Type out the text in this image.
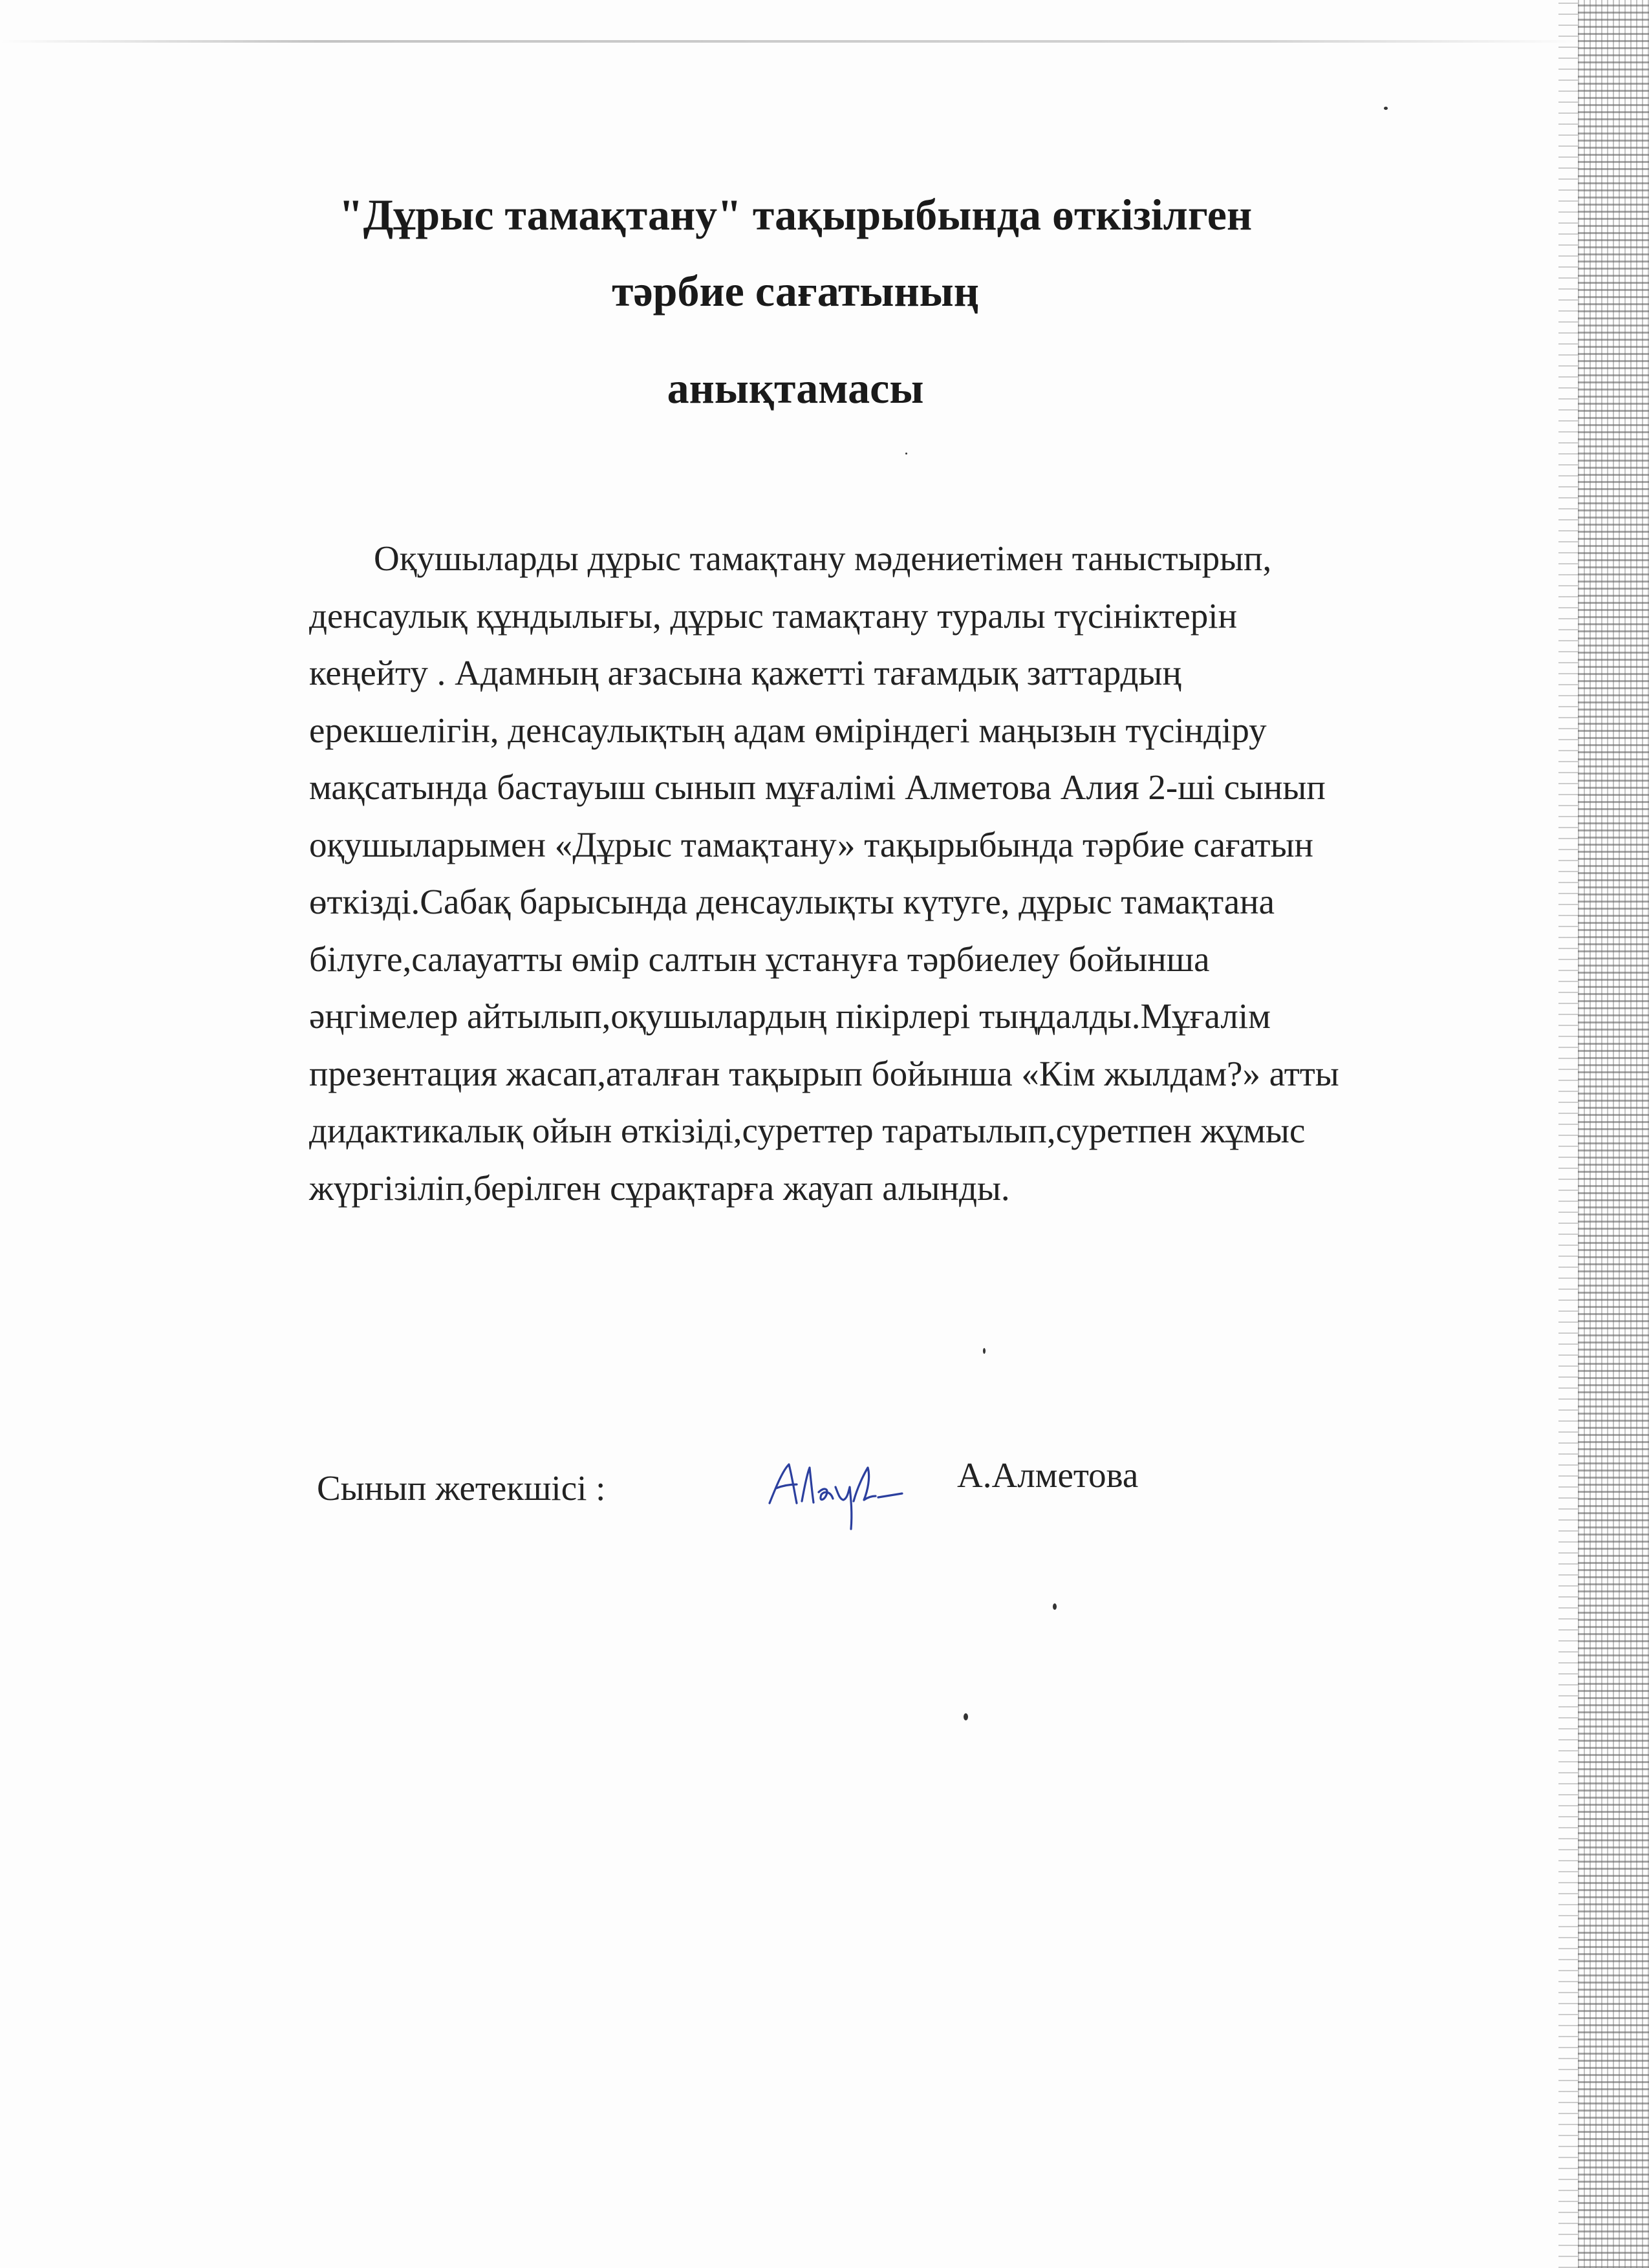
"Дұрыс тамақтану" тақырыбында өткізілген
тәрбие сағатының
анықтамасы
Оқушыларды дұрыс тамақтану мәдениетімен таныстырып,
денсаулық құндылығы, дұрыс тамақтану туралы түсініктерін
кеңейту . Адамның ағзасына қажетті тағамдық заттардың
ерекшелігін, денсаулықтың адам өміріндегі маңызын түсіндіру
мақсатында бастауыш сынып мұғалімі Алметова Алия 2-ші сынып
оқушыларымен «Дұрыс тамақтану» тақырыбында тәрбие сағатын
өткізді.Сабақ барысында денсаулықты күтуге, дұрыс тамақтана
білуге,салауатты өмір салтын ұстануға тәрбиелеу бойынша
әңгімелер айтылып,оқушылардың пікірлері тыңдалды.Мұғалім
презентация жасап,аталған тақырып бойынша «Кім жылдам?» атты
дидактикалық ойын өткізіді,суреттер таратылып,суретпен жұмыс
жүргізіліп,берілген сұрақтарға жауап алынды.
Сынып жетекшісі :	А.Алметова
